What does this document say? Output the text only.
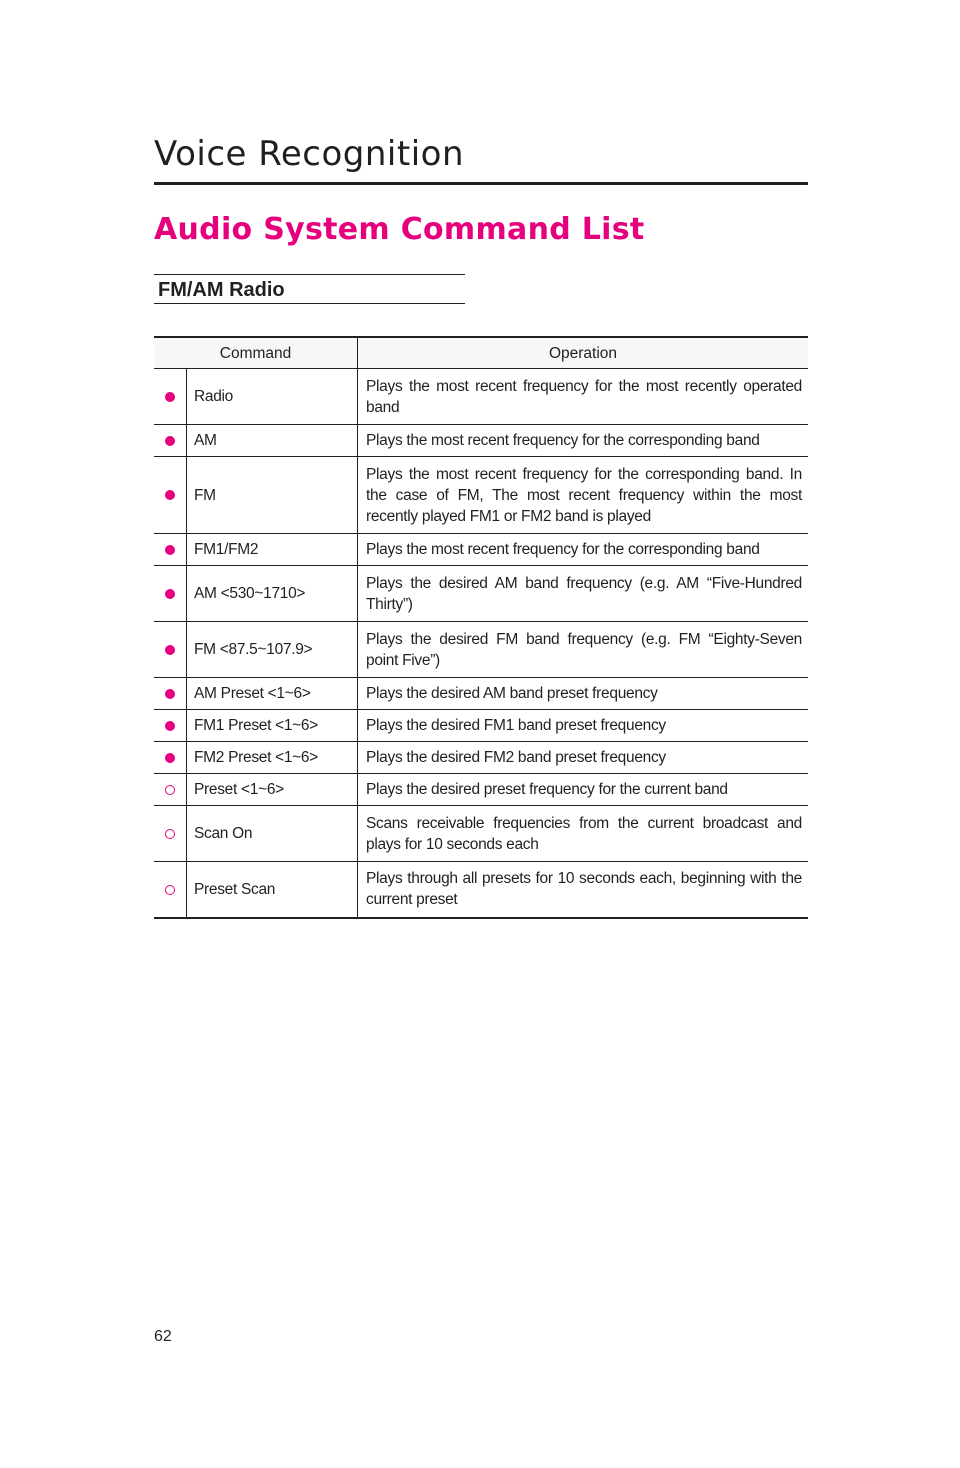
Voice Recognition
Audio System Command List
FM/AM Radio
Command		Operation
	Radio	Plays the most recent frequency for the most recently operated band
	AM	Plays the most recent frequency for the corresponding band
	FM	Plays the most recent frequency for the corresponding band. In the case of FM, The most recent frequency within the most recently played FM1 or FM2 band is played
	FM1/FM2	Plays the most recent frequency for the corresponding band
	AM <530~1710>	Plays the desired AM band frequency (e.g. AM “Five-Hundred Thirty”)
	FM <87.5~107.9>	Plays the desired FM band frequency (e.g. FM “Eighty-Seven point Five”)
	AM Preset <1~6>	Plays the desired AM band preset frequency
	FM1 Preset <1~6>	Plays the desired FM1 band preset frequency
	FM2 Preset <1~6>	Plays the desired FM2 band preset frequency
	Preset <1~6>	Plays the desired preset frequency for the current band
	Scan On	Scans receivable frequencies from the current broadcast and plays for 10 seconds each
	Preset Scan	Plays through all presets for 10 seconds each, beginning with the current preset

62
